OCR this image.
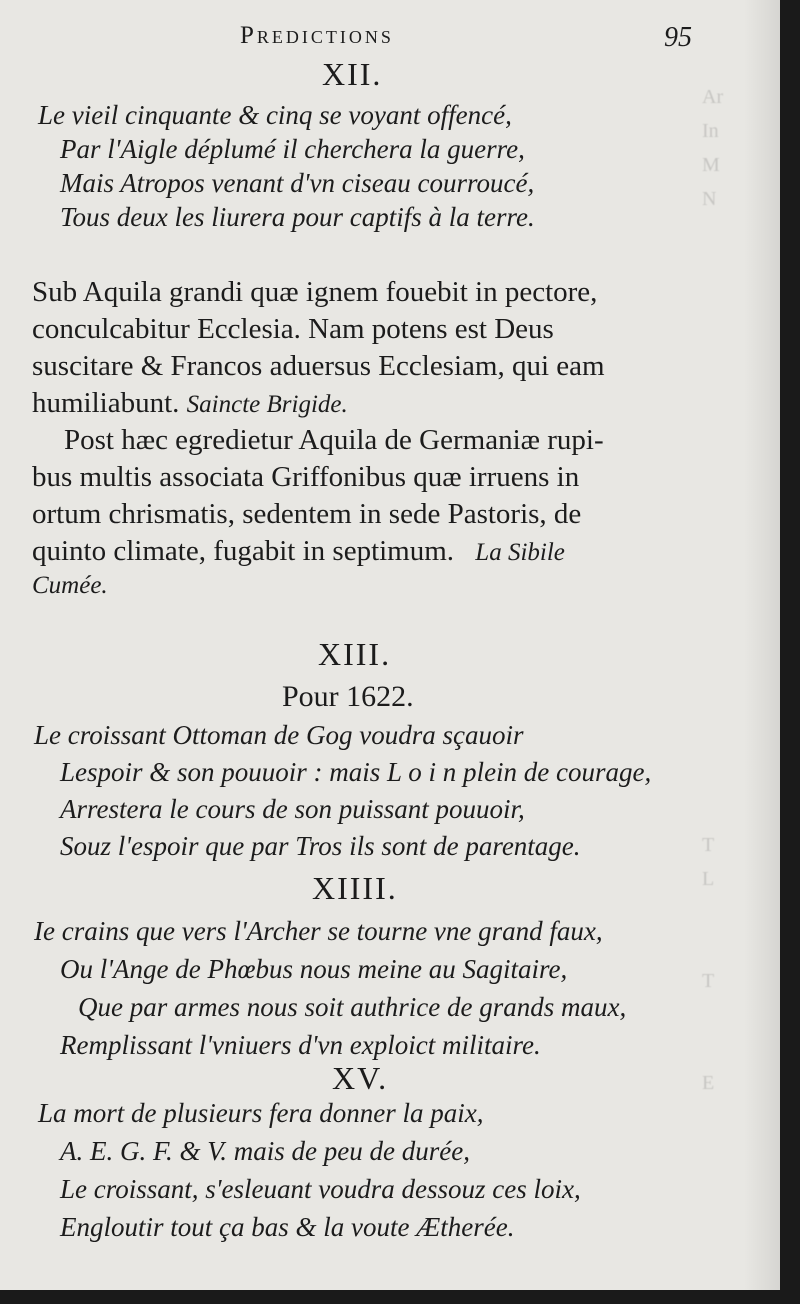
Ar
In
M
N

T
L

T

E
Predictions	95
XII.
Le vieil cinquante & cinq se voyant offencé,
Par l'Aigle déplumé il cherchera la guerre,
Mais Atropos venant d'vn ciseau courroucé,
Tous deux les liurera pour captifs à la terre.
Sub Aquila grandi quæ ignem fouebit in pectore,
conculcabitur Ecclesia. Nam potens est Deus
suscitare & Francos aduersus Ecclesiam, qui eam
humiliabunt. Saincte Brigide.
Post hæc egredietur Aquila de Germaniæ rupi-
bus multis associata Griffonibus quæ irruens in
ortum chrismatis, sedentem in sede Pastoris, de
quinto climate, fugabit in septimum. La Sibile
Cumée.
XIII.
Pour 1622.
Le croissant Ottoman de Gog voudra sçauoir
Lespoir & son pouuoir : mais L o i n plein de courage,
Arrestera le cours de son puissant pouuoir,
Souz l'espoir que par Tros ils sont de parentage.
XIIII.
Ie crains que vers l'Archer se tourne vne grand faux,
Ou l'Ange de Phœbus nous meine au Sagitaire,
Que par armes nous soit authrice de grands maux,
Remplissant l'vniuers d'vn exploict militaire.
XV.
La mort de plusieurs fera donner la paix,
A. E. G. F. & V. mais de peu de durée,
Le croissant, s'esleuant voudra dessouz ces loix,
Engloutir tout ça bas & la voute Ætherée.
